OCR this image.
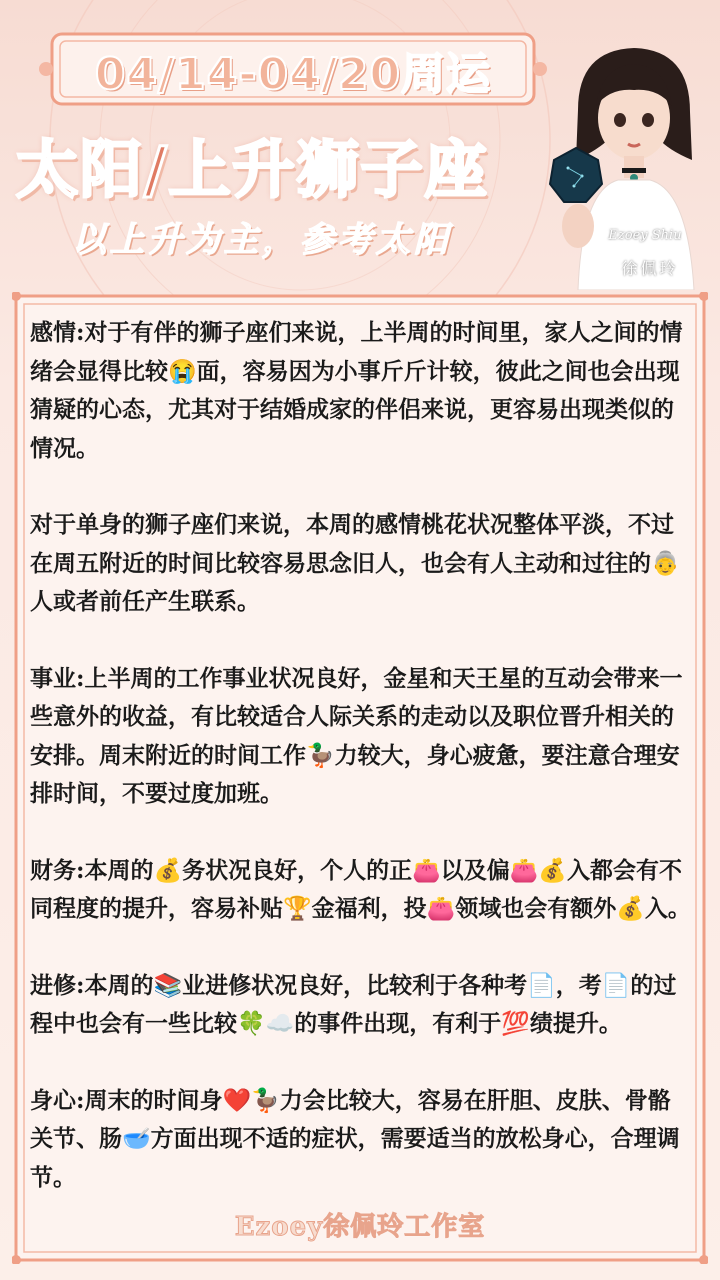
04/14-04/20周运
太阳/上升狮子座
以上升为主，参考太阳	Ezoey Shiu
徐佩玲

感情:对于有伴的狮子座们来说，上半周的时间里，家人之间的情绪会显得比较😭面，容易因为小事斤斤计较，彼此之间也会出现猜疑的心态，尤其对于结婚成家的伴侣来说，更容易出现类似的情况。

对于单身的狮子座们来说，本周的感情桃花状况整体平淡，不过在周五附近的时间比较容易思念旧人，也会有人主动和过往的👵人或者前任产生联系。

事业:上半周的工作事业状况良好，金星和天王星的互动会带来一些意外的收益，有比较适合人际关系的走动以及职位晋升相关的安排。周末附近的时间工作🦆力较大，身心疲惫，要注意合理安排时间，不要过度加班。

财务:本周的💰务状况良好，个人的正👛以及偏👛💰入都会有不同程度的提升，容易补贴🏆金福利，投👛领域也会有额外💰入。

进修:本周的📚业进修状况良好，比较利于各种考📄，考📄的过程中也会有一些比较🍀☁️的事件出现，有利于💯绩提升。

身心:周末的时间身❤️🦆力会比较大，容易在肝胆、皮肤、骨骼关节、肠🥣方面出现不适的症状，需要适当的放松身心，合理调节。

Ezoey徐佩玲工作室
